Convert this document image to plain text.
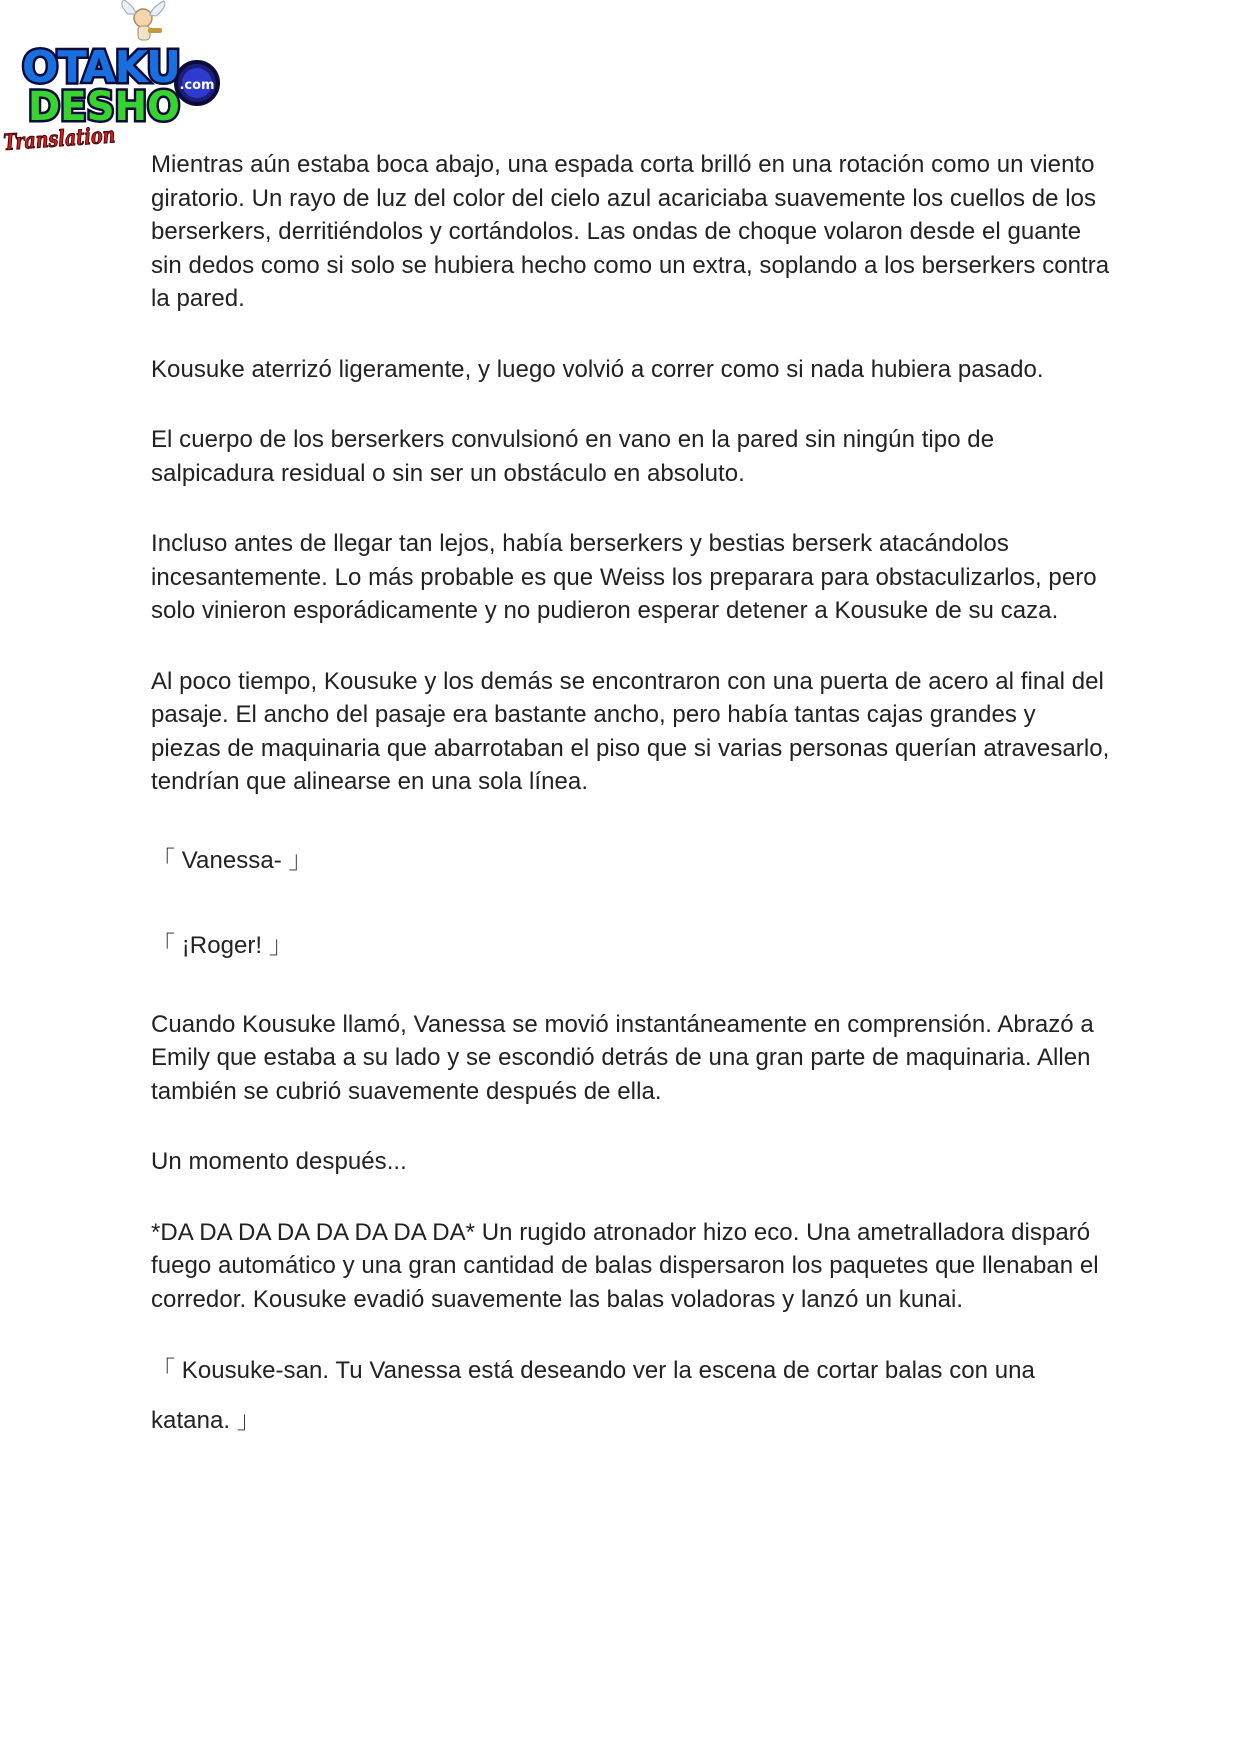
.com
OTAKU
DESHO
Translation

Mientras aún estaba boca abajo, una espada corta brilló en una rotación como un viento giratorio. Un rayo de luz del color del cielo azul acariciaba suavemente los cuellos de los berserkers, derritiéndolos y cortándolos. Las ondas de choque volaron desde el guante sin dedos como si solo se hubiera hecho como un extra, soplando a los berserkers contra la pared.

Kousuke aterrizó ligeramente, y luego volvió a correr como si nada hubiera pasado.

El cuerpo de los berserkers convulsionó en vano en la pared sin ningún tipo de salpicadura residual o sin ser un obstáculo en absoluto.

Incluso antes de llegar tan lejos, había berserkers y bestias berserk atacándolos incesantemente. Lo más probable es que Weiss los preparara para obstaculizarlos, pero solo vinieron esporádicamente y no pudieron esperar detener a Kousuke de su caza.

Al poco tiempo, Kousuke y los demás se encontraron con una puerta de acero al final del pasaje. El ancho del pasaje era bastante ancho, pero había tantas cajas grandes y piezas de maquinaria que abarrotaban el piso que si varias personas querían atravesarlo, tendrían que alinearse en una sola línea.

「 Vanessa- 」

「 ¡Roger! 」

Cuando Kousuke llamó, Vanessa se movió instantáneamente en comprensión. Abrazó a Emily que estaba a su lado y se escondió detrás de una gran parte de maquinaria. Allen también se cubrió suavemente después de ella.

Un momento después...

*DA DA DA DA DA DA DA DA* Un rugido atronador hizo eco. Una ametralladora disparó fuego automático y una gran cantidad de balas dispersaron los paquetes que llenaban el corredor. Kousuke evadió suavemente las balas voladoras y lanzó un kunai.

「 Kousuke-san. Tu Vanessa está deseando ver la escena de cortar balas con una katana. 」
